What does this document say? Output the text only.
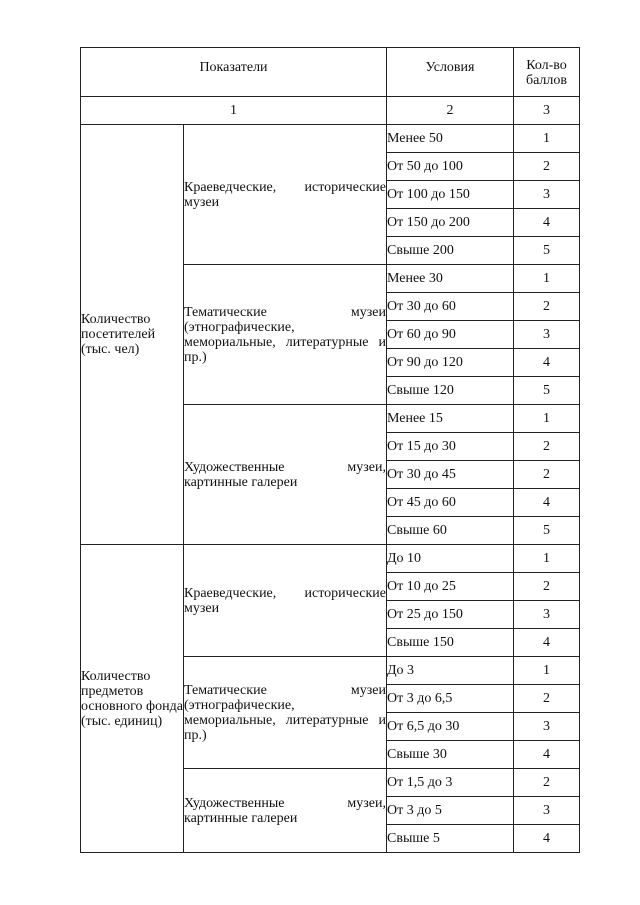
Показатели		Условия	Кол-во баллов
1		2	3
Количество посетителей (тыс. чел)	Краеведческие, исторические музеи	Менее 50	1
		От 50 до 100	2
		От 100 до 150	3
		От 150 до 200	4
		Свыше 200	5
	Тематические музеи (этнографические, мемориальные, литературные и пр.)	Менее 30	1
		От 30 до 60	2
		От 60 до 90	3
		От 90 до 120	4
		Свыше 120	5
	Художественные музеи, картинные галереи	Менее 15	1
		От 15 до 30	2
		От 30 до 45	2
		От 45 до 60	4
		Свыше 60	5
Количество предметов основного фонда (тыс. единиц)	Краеведческие, исторические музеи	До 10	1
		От 10 до 25	2
		От 25 до 150	3
		Свыше 150	4
	Тематические музеи (этнографические, мемориальные, литературные и пр.)	До 3	1
		От 3 до 6,5	2
		От 6,5 до 30	3
		Свыше 30	4
	Художественные музеи, картинные галереи	От 1,5 до 3	2
		От 3 до 5	3
		Свыше 5	4
